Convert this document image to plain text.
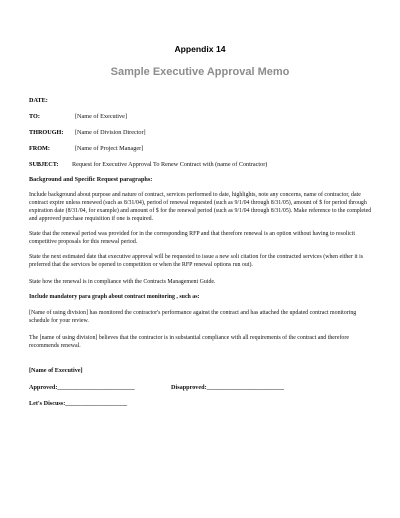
Appendix 14
Sample Executive Approval Memo
DATE:
TO:	[Name of Executive]
THROUGH: [Name of Division Director]
FROM:	[Name of Project Manager]
SUBJECT: Request for Executive Approval To Renew Contract with (name of Contractor)
Background and Specific Request paragraphs:

Include background about purpose and nature of contract, services performed to date, highlights, note any concerns, name of contractor, date contract expire unless renewed (such as 8/31/04), period of renewal requested (such as 9/1/04 through 8/31/05), amount of $ for period through expiration date (8/31/04, for example) and amount of $ for the renewal period (such as 9/1/04 through 8/31/05). Make reference to the completed and approved purchase requisition if one is required.

State that the renewal period was provided for in the corresponding RFP and that therefore renewal is an option without having to resolicit competitive proposals for this renewal period.

State the next estimated date that executive approval will be requested to issue a new soli citation for the contracted services (when either it is preferred that the services be opened to competition or when the RFP renewal options run out).

State how the renewal is in compliance with the Contracts Management Guide.

Include mandatory para graph about contract monitoring , such as:

[Name of using division] has monitored the contractor's performance against the contract and has attached the updated contract monitoring schedule for your review.

The [name of using division] believes that the contractor is in substantial compliance with all requirements of the contract and therefore recommends renewal.

[Name of Executive]
Approved:_________________________	Disapproved:_________________________
Let's Discuss:____________________
